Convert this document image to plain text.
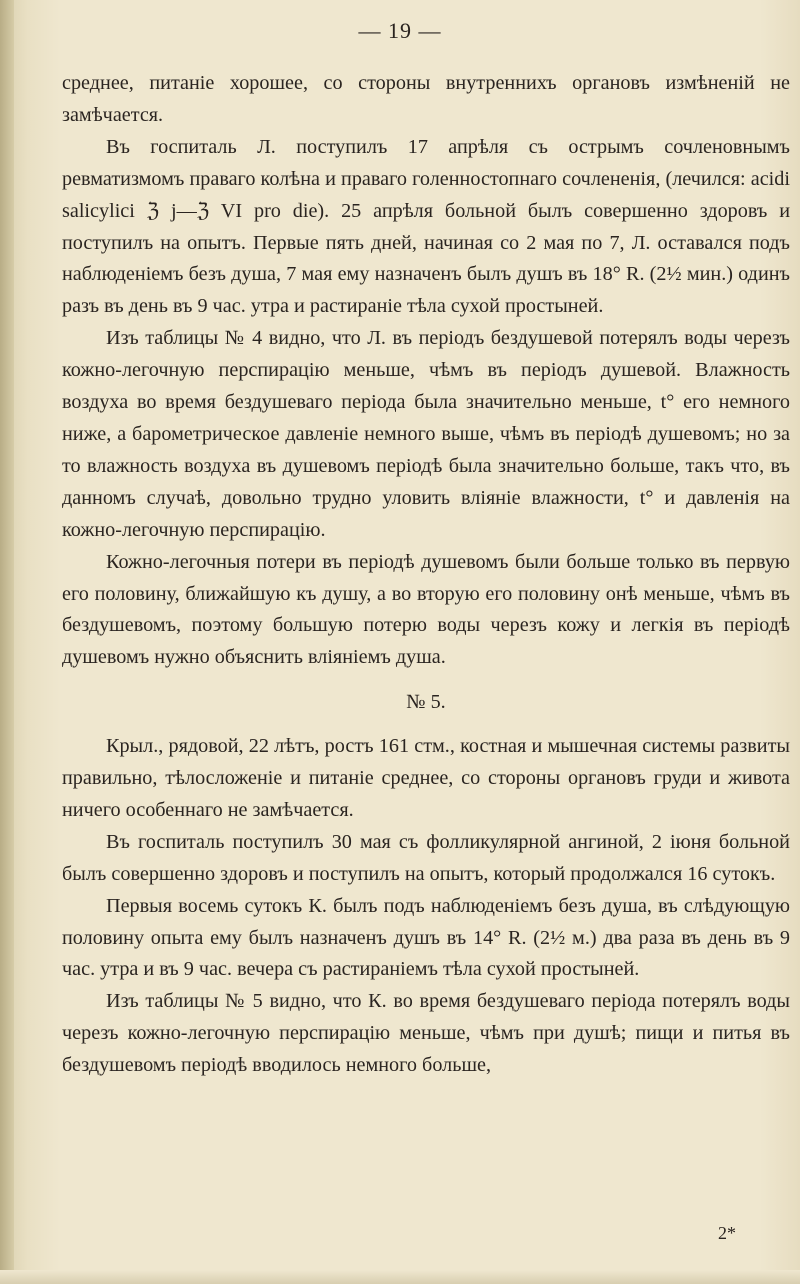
— 19 —

среднее, питаніе хорошее, со стороны внутреннихъ органовъ измѣненій не замѣчается.

Въ госпиталь Л. поступилъ 17 апрѣля съ острымъ сочленовнымъ ревматизмомъ праваго колѣна и праваго голенностопнаго сочлененія, (лечился: acidi salicylici ℨ j—ℨ VI pro die). 25 апрѣля больной былъ совершенно здоровъ и поступилъ на опытъ. Первые пять дней, начиная со 2 мая по 7, Л. оставался подъ наблюденіемъ безъ душа, 7 мая ему назначенъ былъ душъ въ 18° R. (2½ мин.) одинъ разъ въ день въ 9 час. утра и растираніе тѣла сухой простыней.

Изъ таблицы № 4 видно, что Л. въ періодъ бездушевой потерялъ воды черезъ кожно-легочную перспирацію меньше, чѣмъ въ періодъ душевой. Влажность воздуха во время бездушеваго періода была значительно меньше, t° его немного ниже, а барометрическое давленіе немного выше, чѣмъ въ періодѣ душевомъ; но за то влажность воздуха въ душевомъ періодѣ была значительно больше, такъ что, въ данномъ случаѣ, довольно трудно уловить вліяніе влажности, t° и давленія на кожно-легочную перспирацію.

Кожно-легочныя потери въ періодѣ душевомъ были больше только въ первую его половину, ближайшую къ душу, а во вторую его половину онѣ меньше, чѣмъ въ бездушевомъ, поэтому большую потерю воды черезъ кожу и легкія въ періодѣ душевомъ нужно объяснить вліяніемъ душа.

№ 5.

Крыл., рядовой, 22 лѣтъ, ростъ 161 стм., костная и мышечная системы развиты правильно, тѣлосложеніе и питаніе среднее, со стороны органовъ груди и живота ничего особеннаго не замѣчается.

Въ госпиталь поступилъ 30 мая съ фолликулярной ангиной, 2 іюня больной былъ совершенно здоровъ и поступилъ на опытъ, который продолжался 16 сутокъ.

Первыя восемь сутокъ К. былъ подъ наблюденіемъ безъ душа, въ слѣдующую половину опыта ему былъ назначенъ душъ въ 14° R. (2½ м.) два раза въ день въ 9 час. утра и въ 9 час. вечера съ растираніемъ тѣла сухой простыней.

Изъ таблицы № 5 видно, что К. во время бездушеваго періода потерялъ воды черезъ кожно-легочную перспирацію меньше, чѣмъ при душѣ; пищи и питья въ бездушевомъ періодѣ вводилось немного больше,

2*
